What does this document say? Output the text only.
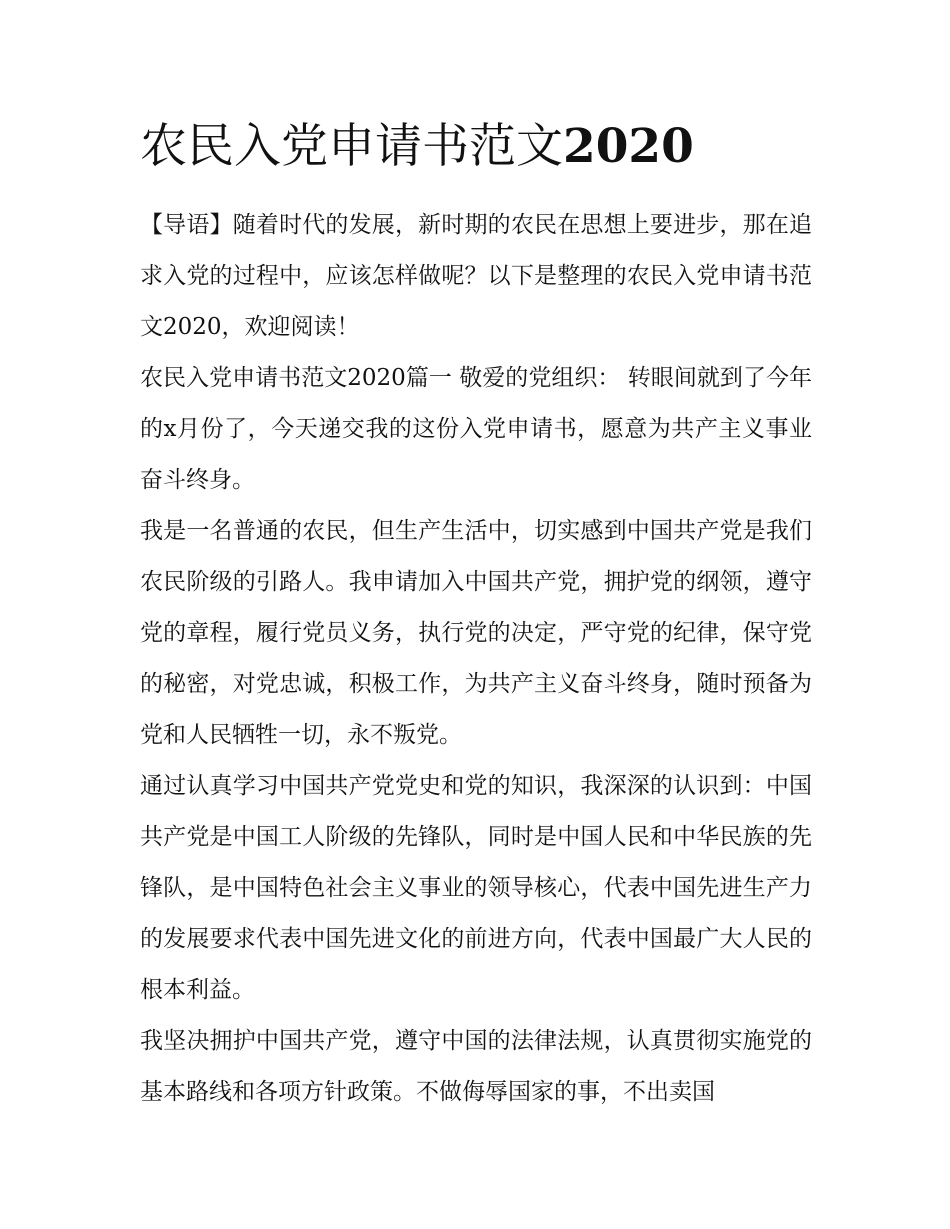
农民入党申请书范文2020

【导语】随着时代的发展，新时期的农民在思想上要进步，那在追求入党的过程中，应该怎样做呢？以下是整理的农民入党申请书范文2020，欢迎阅读！

农民入党申请书范文2020篇一 敬爱的党组织： 转眼间就到了今年的x月份了，今天递交我的这份入党申请书，愿意为共产主义事业奋斗终身。

我是一名普通的农民，但生产生活中，切实感到中国共产党是我们农民阶级的引路人。我申请加入中国共产党，拥护党的纲领，遵守党的章程，履行党员义务，执行党的决定，严守党的纪律，保守党的秘密，对党忠诚，积极工作，为共产主义奋斗终身，随时预备为党和人民牺牲一切，永不叛党。

通过认真学习中国共产党党史和党的知识，我深深的认识到：中国共产党是中国工人阶级的先锋队，同时是中国人民和中华民族的先锋队，是中国特色社会主义事业的领导核心，代表中国先进生产力的发展要求代表中国先进文化的前进方向，代表中国最广大人民的根本利益。

我坚决拥护中国共产党，遵守中国的法律法规，认真贯彻实施党的基本路线和各项方针政策。不做侮辱国家的事，不出卖国
